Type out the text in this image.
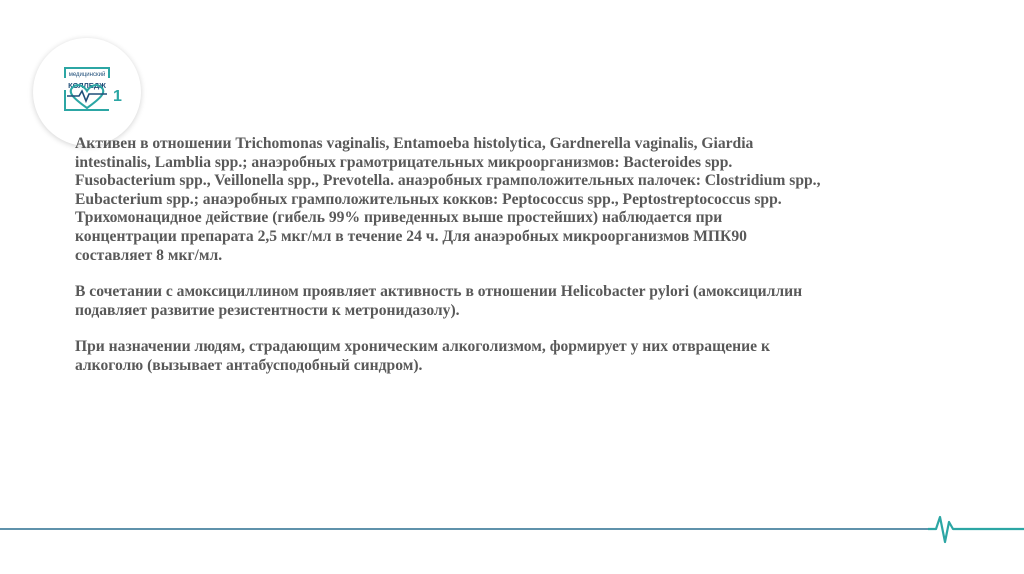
медицинский
КОЛЛЕДЖ
1

Активен в отношении Trichomonas vaginalis, Entamoeba histolytica, Gardnerella vaginalis, Giardia
intestinalis, Lamblia spp.; анаэробных грамотрицательных микроорганизмов: Bacteroides spp.
Fusobacterium spp., Veillonella spp., Prevotella. анаэробных грамположительных палочек: Clostridium spp.,
Eubacterium spp.; анаэробных грамположительных кокков: Peptococcus spp., Peptostreptococcus spp.
Трихомонацидное действие (гибель 99% приведенных выше простейших) наблюдается при
концентрации препарата 2,5 мкг/мл в течение 24 ч. Для анаэробных микроорганизмов МПК90
составляет 8 мкг/мл.

В сочетании с амоксициллином проявляет активность в отношении Helicobacter pylori (амоксициллин
подавляет развитие резистентности к метронидазолу).

При назначении людям, страдающим хроническим алкоголизмом, формирует у них отвращение к
алкоголю (вызывает антабусподобный синдром).
